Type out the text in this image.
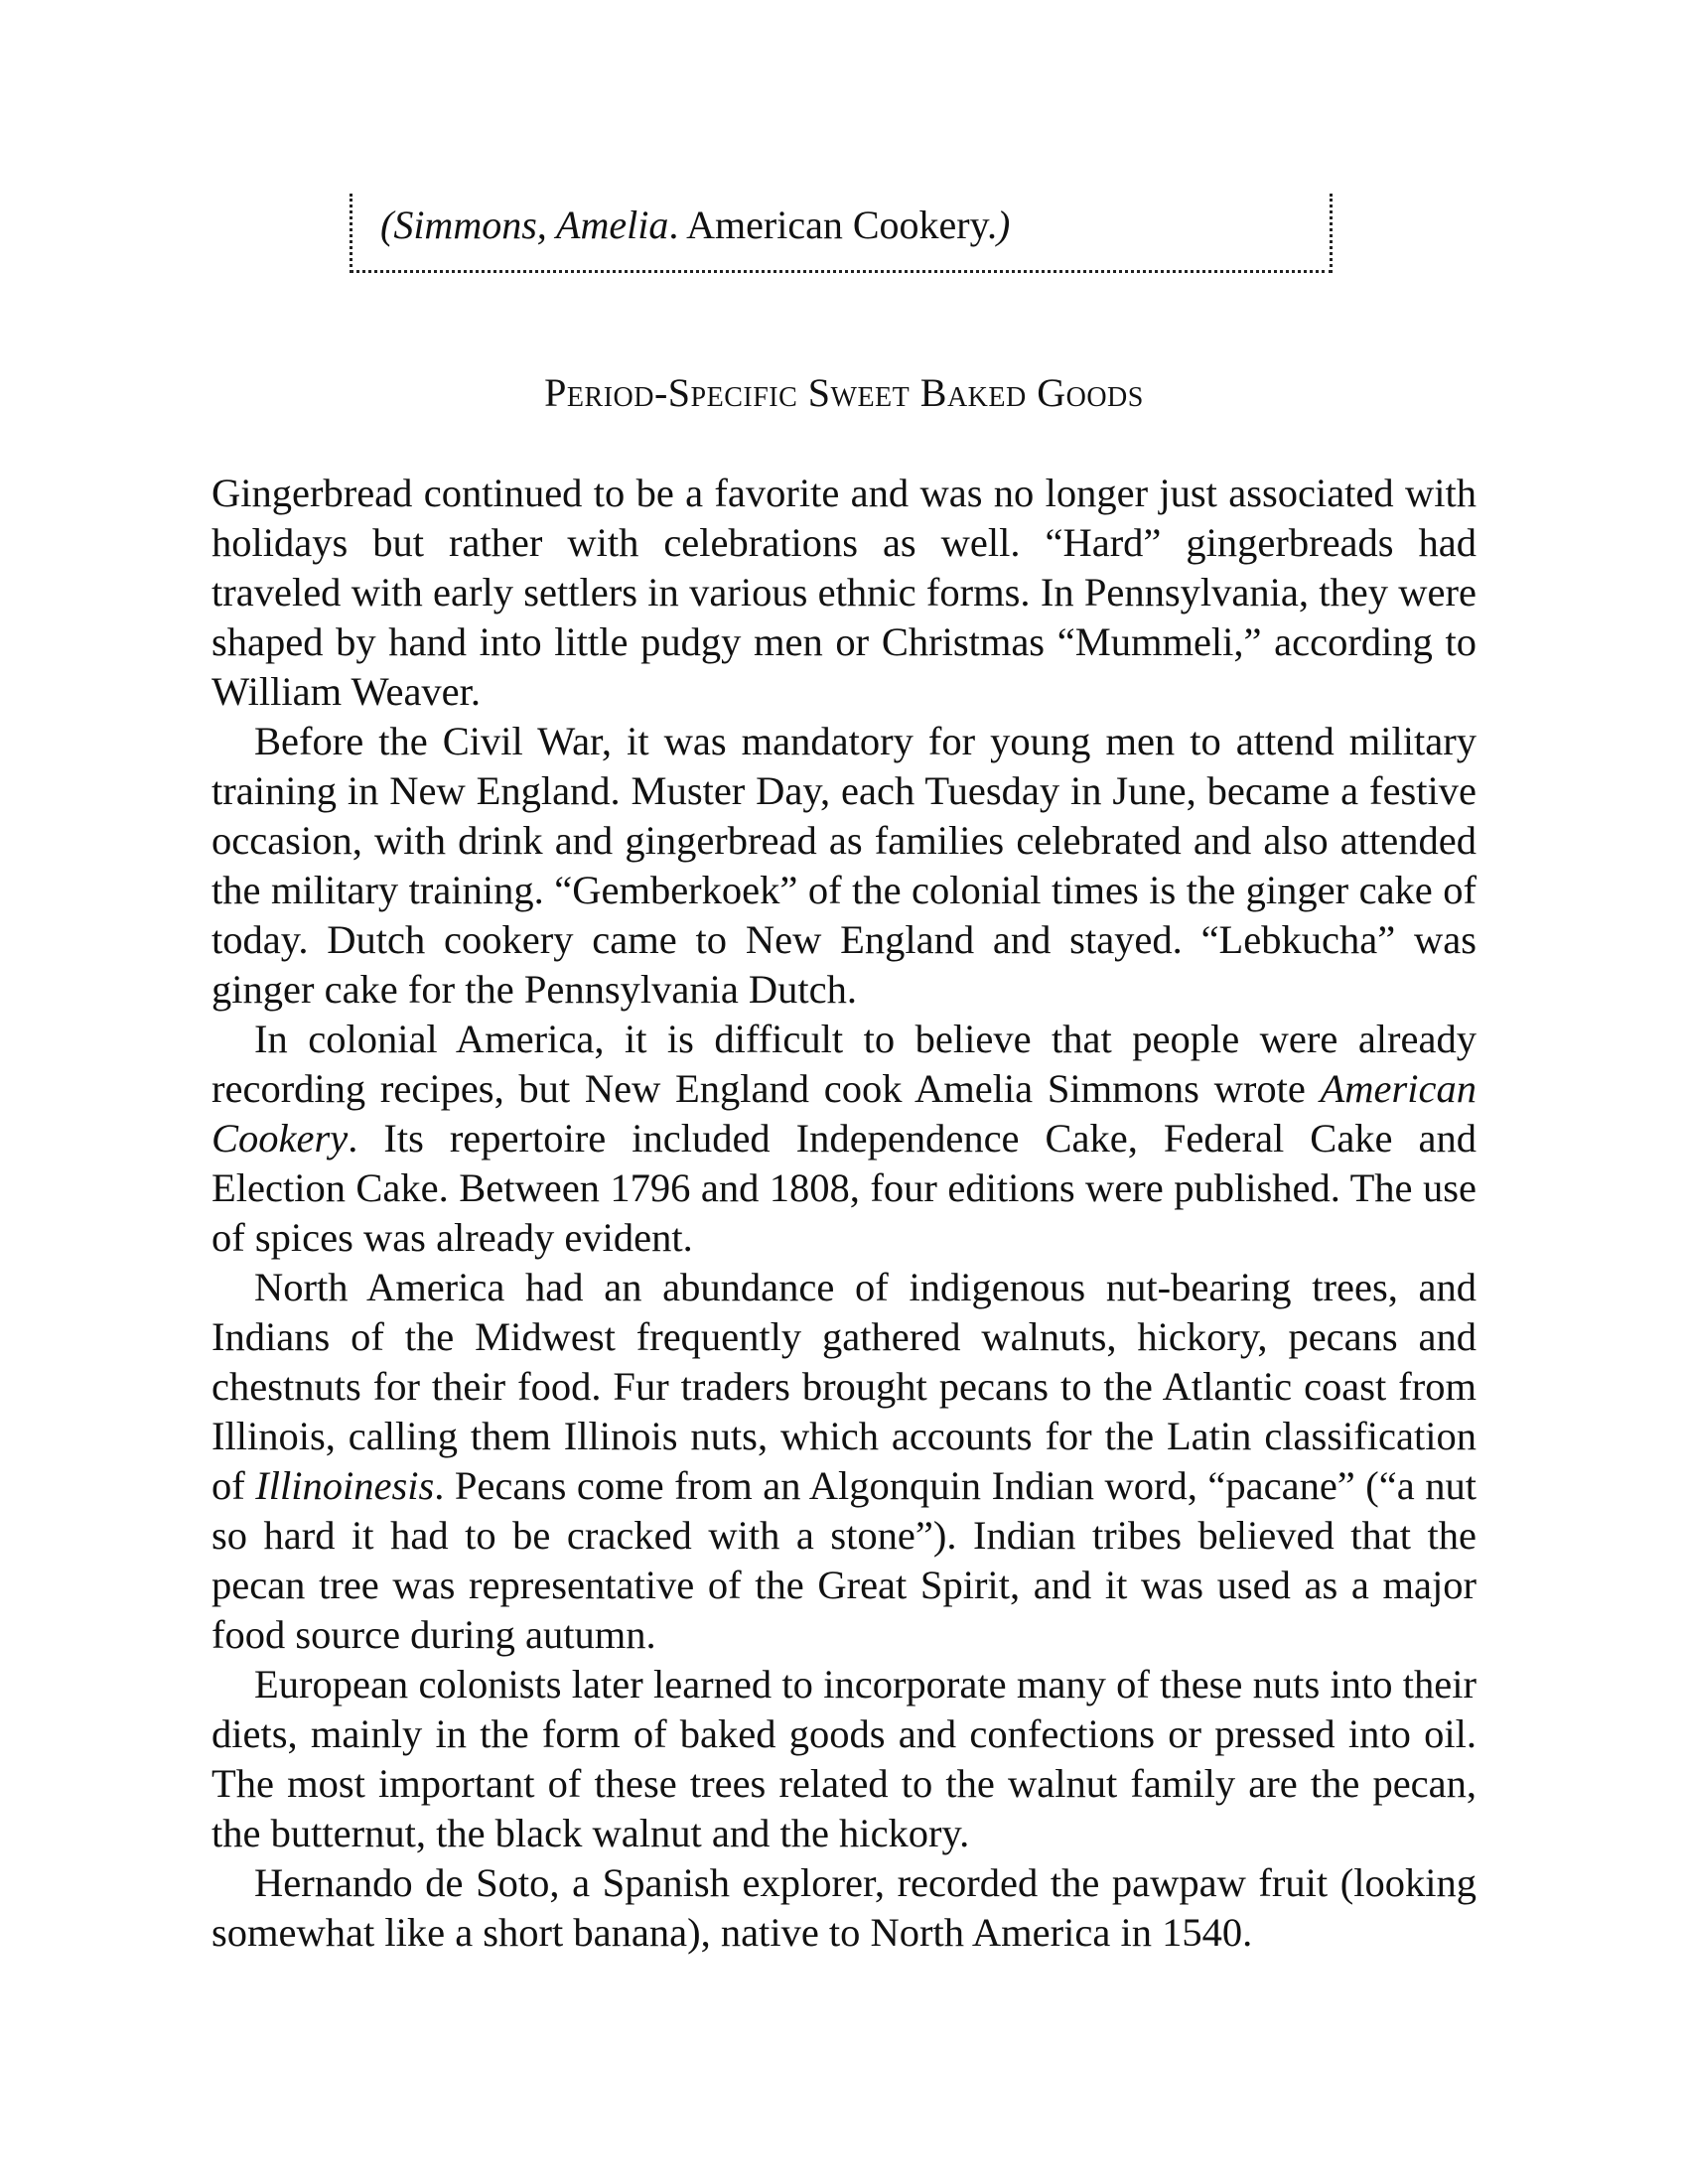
(Simmons, Amelia. American Cookery.)
Period-Specific Sweet Baked Goods

Gingerbread continued to be a favorite and was no longer just associated with holidays but rather with celebrations as well. “Hard” gingerbreads had traveled with early settlers in various ethnic forms. In Pennsylvania, they were shaped by hand into little pudgy men or Christmas “Mummeli,” according to William Weaver.

Before the Civil War, it was mandatory for young men to attend military training in New England. Muster Day, each Tuesday in June, became a festive occasion, with drink and gingerbread as families celebrated and also attended the military training. “Gemberkoek” of the colonial times is the ginger cake of today. Dutch cookery came to New England and stayed. “Lebkucha” was ginger cake for the Pennsylvania Dutch.

In colonial America, it is difficult to believe that people were already recording recipes, but New England cook Amelia Simmons wrote American Cookery. Its repertoire included Independence Cake, Federal Cake and Election Cake. Between 1796 and 1808, four editions were published. The use of spices was already evident.

North America had an abundance of indigenous nut-bearing trees, and Indians of the Midwest frequently gathered walnuts, hickory, pecans and chestnuts for their food. Fur traders brought pecans to the Atlantic coast from Illinois, calling them Illinois nuts, which accounts for the Latin classification of Illinoinesis. Pecans come from an Algonquin Indian word, “pacane” (“a nut so hard it had to be cracked with a stone”). Indian tribes believed that the pecan tree was representative of the Great Spirit, and it was used as a major food source during autumn.

European colonists later learned to incorporate many of these nuts into their diets, mainly in the form of baked goods and confections or pressed into oil. The most important of these trees related to the walnut family are the pecan, the butternut, the black walnut and the hickory.

Hernando de Soto, a Spanish explorer, recorded the pawpaw fruit (looking somewhat like a short banana), native to North America in 1540.
